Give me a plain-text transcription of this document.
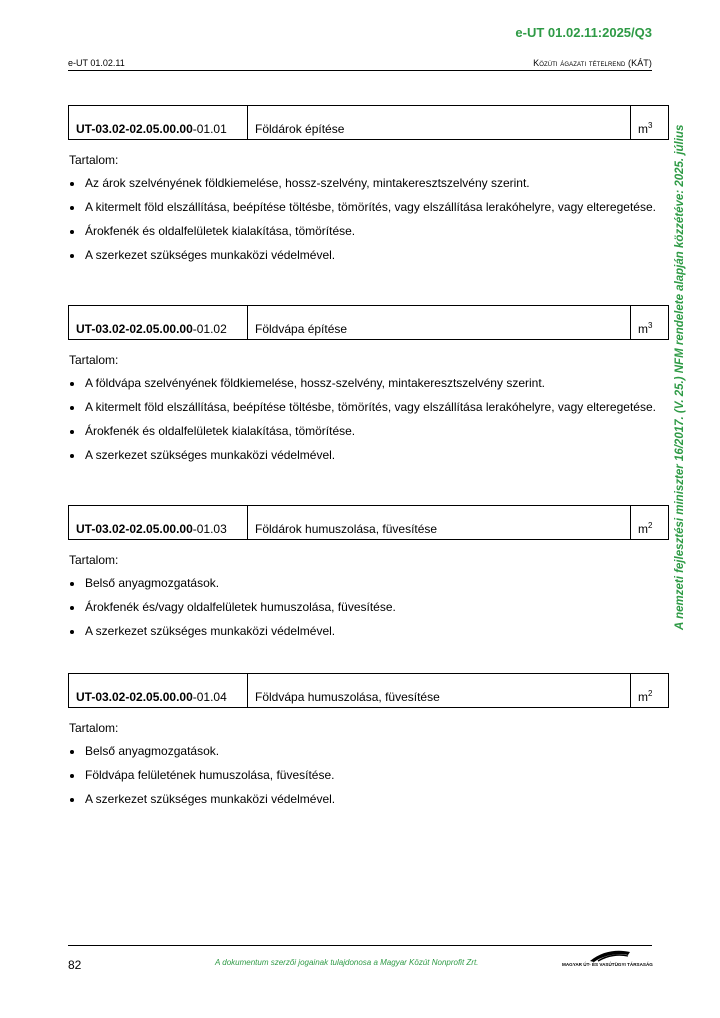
e-UT 01.02.11:2025/Q3
e-UT 01.02.11	Közúti ágazati tételrend (KÁT)
A nemzeti fejlesztési miniszter 16/2017. (V. 25.) NFM rendelete alapján közzétéve: 2025. július
UT-03.02-02.05.00.00-01.01	Földárok építése	$m^3$
Tartalom:
Az árok szelvényének földkiemelése, hossz-szelvény, mintakeresztszelvény szerint.
A kitermelt föld elszállítása, beépítése töltésbe, tömörítés, vagy elszállítása lerakóhelyre, vagy elteregetése.
Árokfenék és oldalfelületek kialakítása, tömörítése.
A szerkezet szükséges munkaközi védelmével.
UT-03.02-02.05.00.00-01.02	Földvápa építése	$m^3$
Tartalom:
A földvápa szelvényének földkiemelése, hossz-szelvény, mintakeresztszelvény szerint.
A kitermelt föld elszállítása, beépítése töltésbe, tömörítés, vagy elszállítása lerakóhelyre, vagy elteregetése.
Árokfenék és oldalfelületek kialakítása, tömörítése.
A szerkezet szükséges munkaközi védelmével.
UT-03.02-02.05.00.00-01.03	Földárok humuszolása, füvesítése	$m^2$
Tartalom:
Belső anyagmozgatások.
Árokfenék és/vagy oldalfelületek humuszolása, füvesítése.
A szerkezet szükséges munkaközi védelmével.
UT-03.02-02.05.00.00-01.04	Földvápa humuszolása, füvesítése	$m^2$
Tartalom:
Belső anyagmozgatások.
Földvápa felületének humuszolása, füvesítése.
A szerkezet szükséges munkaközi védelmével.
82	A dokumentum szerzői jogainak tulajdonosa a Magyar Közút Nonprofit Zrt.	MAGYAR ÚT- ÉS VASÚTÜGYI TÁRSASÁG
